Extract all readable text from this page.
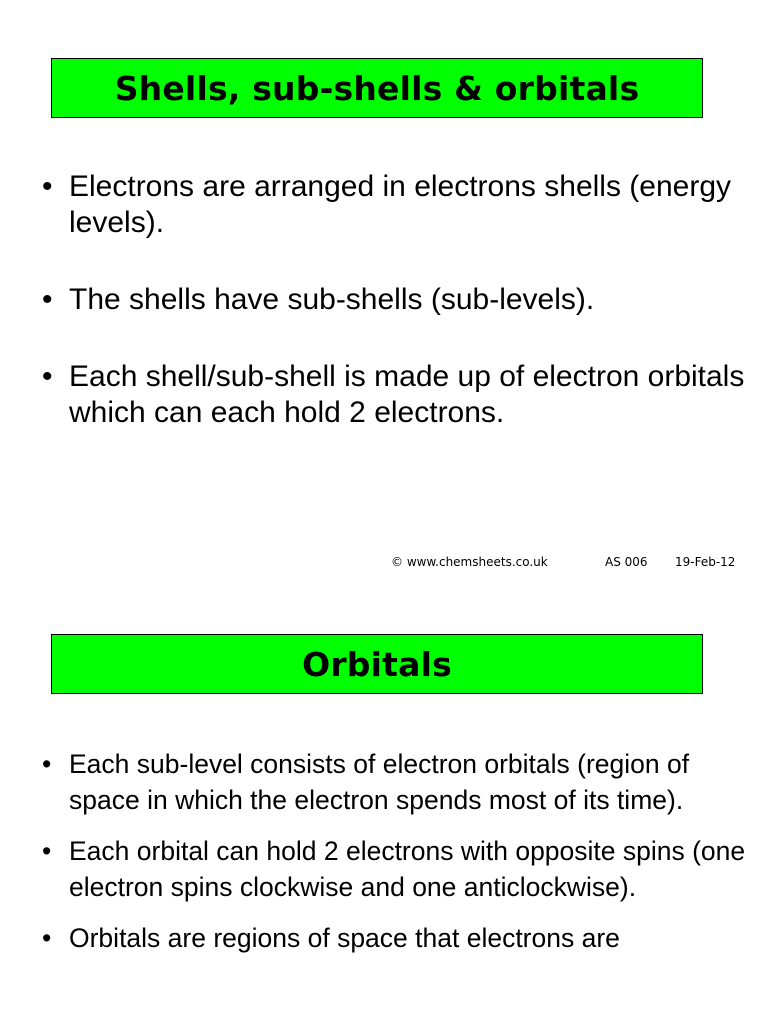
Shells, sub-shells & orbitals
• Electrons are arranged in electrons shells (energy levels).
• The shells have sub-shells (sub-levels).
• Each shell/sub-shell is made up of electron orbitals which can each hold 2 electrons.
© www.chemsheets.co.uk	AS 006 19-Feb-12
Orbitals
• Each sub-level consists of electron orbitals (region of space in which the electron spends most of its time).
• Each orbital can hold 2 electrons with opposite spins (one electron spins clockwise and one anticlockwise).
• Orbitals are regions of space that electrons are
